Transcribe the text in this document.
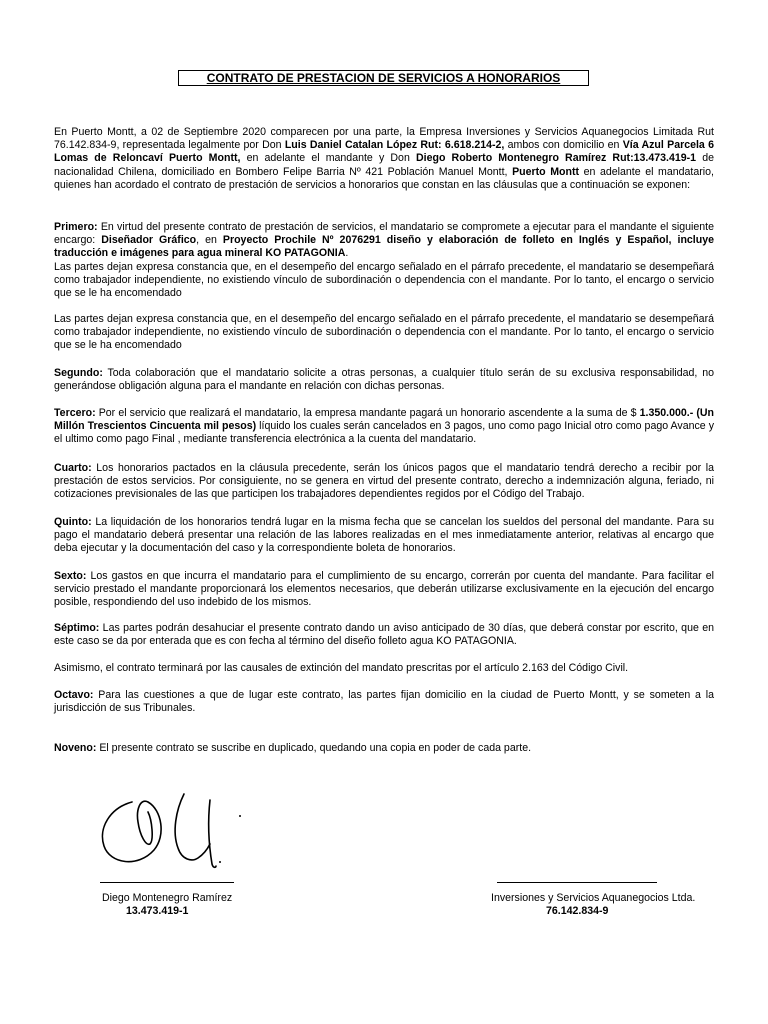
CONTRATO DE PRESTACION DE SERVICIOS A HONORARIOS

En Puerto Montt, a 02 de Septiembre 2020 comparecen por una parte, la Empresa Inversiones y Servicios Aquanegocios Limitada Rut 76.142.834-9, representada legalmente por Don Luis Daniel Catalan López Rut: 6.618.214-2, ambos con domicilio en Vía Azul Parcela 6 Lomas de Reloncaví Puerto Montt, en adelante el mandante y Don Diego Roberto Montenegro Ramírez Rut:13.473.419-1 de nacionalidad Chilena, domiciliado en Bombero Felipe Barria Nº 421 Población Manuel Montt, Puerto Montt en adelante el mandatario, quienes han acordado el contrato de prestación de servicios a honorarios que constan en las cláusulas que a continuación se exponen:

Primero: En virtud del presente contrato de prestación de servicios, el mandatario se compromete a ejecutar para el mandante el siguiente encargo: Diseñador Gráfico, en Proyecto Prochile Nº 2076291 diseño y elaboración de folleto en Inglés y Español, incluye traducción e imágenes para agua mineral KO PATAGONIA.

Las partes dejan expresa constancia que, en el desempeño del encargo señalado en el párrafo precedente, el mandatario se desempeñará como trabajador independiente, no existiendo vínculo de subordinación o dependencia con el mandante. Por lo tanto, el encargo o servicio que se le ha encomendado

Las partes dejan expresa constancia que, en el desempeño del encargo señalado en el párrafo precedente, el mandatario se desempeñará como trabajador independiente, no existiendo vínculo de subordinación o dependencia con el mandante. Por lo tanto, el encargo o servicio que se le ha encomendado

Segundo: Toda colaboración que el mandatario solicite a otras personas, a cualquier título serán de su exclusiva responsabilidad, no generándose obligación alguna para el mandante en relación con dichas personas.

Tercero: Por el servicio que realizará el mandatario, la empresa mandante pagará un honorario ascendente a la suma de $ 1.350.000.- (Un Millón Trescientos Cincuenta mil pesos) líquido los cuales serán cancelados en 3 pagos, uno como pago Inicial otro como pago Avance y el ultimo como pago Final , mediante transferencia electrónica a la cuenta del mandatario.

Cuarto: Los honorarios pactados en la cláusula precedente, serán los únicos pagos que el mandatario tendrá derecho a recibir por la prestación de estos servicios. Por consiguiente, no se genera en virtud del presente contrato, derecho a indemnización alguna, feriado, ni cotizaciones previsionales de las que participen los trabajadores dependientes regidos por el Código del Trabajo.

Quinto: La liquidación de los honorarios tendrá lugar en la misma fecha que se cancelan los sueldos del personal del mandante. Para su pago el mandatario deberá presentar una relación de las labores realizadas en el mes inmediatamente anterior, relativas al encargo que deba ejecutar y la documentación del caso y la correspondiente boleta de honorarios.

Sexto: Los gastos en que incurra el mandatario para el cumplimiento de su encargo, correrán por cuenta del mandante. Para facilitar el servicio prestado el mandante proporcionará los elementos necesarios, que deberán utilizarse exclusivamente en la ejecución del encargo posible, respondiendo del uso indebido de los mismos.

Séptimo: Las partes podrán desahuciar el presente contrato dando un aviso anticipado de 30 días, que deberá constar por escrito, que en este caso se da por enterada que es con fecha al término del diseño folleto agua KO PATAGONIA.

Asimismo, el contrato terminará por las causales de extinción del mandato prescritas por el artículo 2.163 del Código Civil.

Octavo: Para las cuestiones a que de lugar este contrato, las partes fijan domicilio en la ciudad de Puerto Montt, y se someten a la jurisdicción de sus Tribunales.

Noveno: El presente contrato se suscribe en duplicado, quedando una copia en poder de cada parte.

Diego Montenegro Ramírez
13.473.419-1
Inversiones y Servicios Aquanegocios Ltda.
76.142.834-9
